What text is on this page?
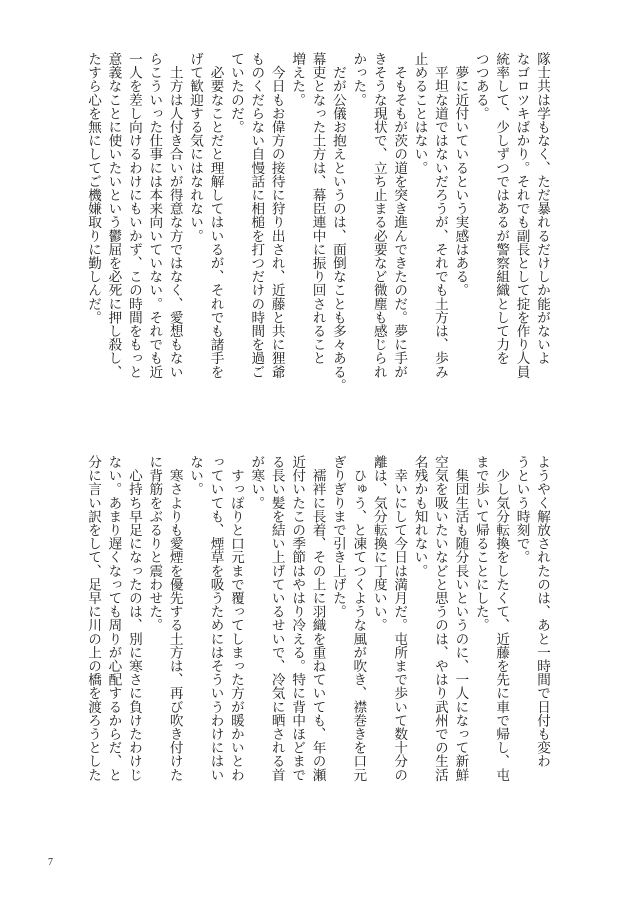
隊士共は学もなく、ただ暴れるだけしか能がないよ

なゴロツキばかり。それでも副長として掟を作り人員

統率して、少しずつではあるが警察組織として力を

つつある。

　夢に近付いているという実感はある。

　平坦な道ではないだろうが、それでも土方は、歩み

止めることはない。

　そもそもが茨の道を突き進んできたのだ。夢に手が

きそうな現状で、立ち止まる必要など微塵も感じられ

かった。

　だが公儀お抱えというのは、面倒なことも多々ある。

幕吏となった土方は、幕臣連中に振り回されること

増えた。

　今日もお偉方の接待に狩り出され、近藤と共に狸爺

ものくだらない自慢話に相槌を打つだけの時間を過ご

ていたのだ。

　必要なことだと理解してはいるが、それでも諸手を

げて歓迎する気にはなれない。

　土方は人付き合いが得意な方ではなく、愛想もない

らこういった仕事には本来向いていない。それでも近

一人を差し向けるわけにもいかず、この時間をもっと

意義なことに使いたいという鬱屈を必死に押し殺し、

たすら心を無にしてご機嫌取りに勤しんだ。

ようやく解放されたのは、あと一時間で日付も変わ

うという時刻で。

　少し気分転換をしたくて、近藤を先に車で帰し、屯

まで歩いて帰ることにした。

　集団生活も随分長いというのに、一人になって新鮮

空気を吸いたいなどと思うのは、やはり武州での生活

名残かも知れない。

　幸いにして今日は満月だ。屯所まで歩いて数十分の

離は、気分転換に丁度いい。

　ひゅう、と凍てつくような風が吹き、襟巻きを口元

ぎりぎりまで引き上げた。

　襦袢に長着、その上に羽織を重ねていても、年の瀬

近付いたこの季節はやはり冷える。特に背中ほどまで

る長い髪を結い上げているせいで、冷気に晒される首

が寒い。

　すっぽりと口元まで覆ってしまった方が暖かいとわ

っていても、煙草を吸うためにはそういうわけにはい

ない。

　寒さよりも愛煙を優先する土方は、再び吹き付けた

に背筋をぶるりと震わせた。

　心持ち早足になったのは、別に寒さに負けたわけじ

ない。あまり遅くなっても周りが心配するからだ、と

分に言い訳をして、足早に川の上の橋を渡ろうとした

7
